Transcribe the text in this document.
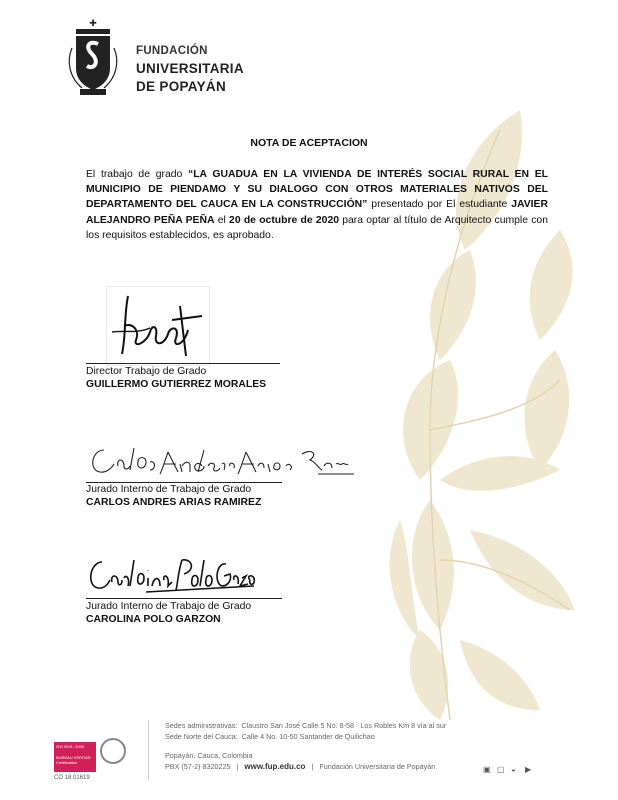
✚
FUNDACIÓN
UNIVERSITARIA
DE POPAYÁN
NOTA DE ACEPTACION
El trabajo de grado “LA GUADUA EN LA VIVIENDA DE INTERÉS SOCIAL RURAL EN EL MUNICIPIO DE PIENDAMO Y SU DIALOGO CON OTROS MATERIALES NATIVOS DEL DEPARTAMENTO DEL CAUCA EN LA CONSTRUCCIÓN” presentado por El estudiante JAVIER ALEJANDRO PEÑA PEÑA el 20 de octubre de 2020 para optar al título de Arquitecto cumple con los requisitos establecidos, es aprobado.
Director Trabajo de Grado
GUILLERMO GUTIERREZ MORALES
Jurado Interno de Trabajo de Grado
CARLOS ANDRES ARIAS RAMIREZ
Jurado Interno de Trabajo de Grado
CAROLINA POLO GARZON
ISO 9001: 2008
BUREAU VERITAS Certification
CO 18.01619
Sedes administrativas: Claustro San José Calle 5 No. 8-58 · Los Robles Km 8 vía al sur
Sede Norte del Cauca: Calle 4 No. 10-50 Santander de Quilichao
Popayán, Cauca, Colombia
PBX (57-2) 8320225 | www.fup.edu.co | Fundación Universitaria de Popayán	▣ ▢ ◒ ▶
